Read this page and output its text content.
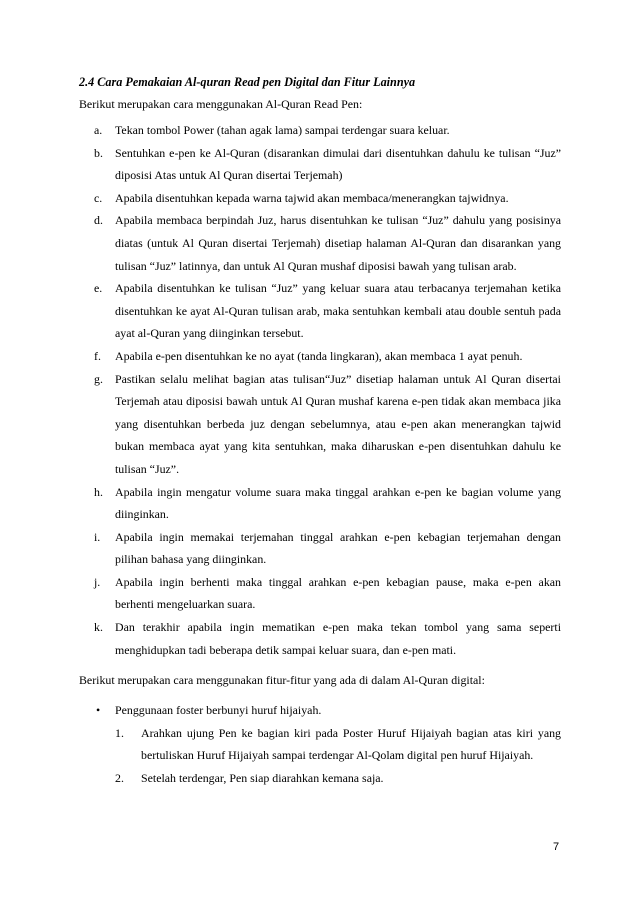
2.4 Cara Pemakaian Al-quran Read pen Digital dan Fitur Lainnya

Berikut merupakan cara menggunakan Al-Quran Read Pen:

a. Tekan tombol Power (tahan agak lama) sampai terdengar suara keluar.
b. Sentuhkan e-pen ke Al-Quran (disarankan dimulai dari disentuhkan dahulu ke tulisan “Juz” diposisi Atas untuk Al Quran disertai Terjemah)
c. Apabila disentuhkan kepada warna tajwid akan membaca/menerangkan tajwidnya.
d. Apabila membaca berpindah Juz, harus disentuhkan ke tulisan “Juz” dahulu yang posisinya diatas (untuk Al Quran disertai Terjemah) disetiap halaman Al-Quran dan disarankan yang tulisan “Juz” latinnya, dan untuk Al Quran mushaf diposisi bawah yang tulisan arab.
e. Apabila disentuhkan ke tulisan “Juz” yang keluar suara atau terbacanya terjemahan ketika disentuhkan ke ayat Al-Quran tulisan arab, maka sentuhkan kembali atau double sentuh pada ayat al-Quran yang diinginkan tersebut.
f. Apabila e-pen disentuhkan ke no ayat (tanda lingkaran), akan membaca 1 ayat penuh.
g. Pastikan selalu melihat bagian atas tulisan“Juz” disetiap halaman untuk Al Quran disertai Terjemah atau diposisi bawah untuk Al Quran mushaf karena e-pen tidak akan membaca jika yang disentuhkan berbeda juz dengan sebelumnya, atau e-pen akan menerangkan tajwid bukan membaca ayat yang kita sentuhkan, maka diharuskan e-pen disentuhkan dahulu ke tulisan “Juz”.
h. Apabila ingin mengatur volume suara maka tinggal arahkan e-pen ke bagian volume yang diinginkan.
i. Apabila ingin memakai terjemahan tinggal arahkan e-pen kebagian terjemahan dengan pilihan bahasa yang diinginkan.
j. Apabila ingin berhenti maka tinggal arahkan e-pen kebagian pause, maka e-pen akan berhenti mengeluarkan suara.
k. Dan terakhir apabila ingin mematikan e-pen maka tekan tombol yang sama seperti menghidupkan tadi beberapa detik sampai keluar suara, dan e-pen mati.

Berikut merupakan cara menggunakan fitur-fitur yang ada di dalam Al-Quran digital:

• Penggunaan foster berbunyi huruf hijaiyah.
1. Arahkan ujung Pen ke bagian kiri pada Poster Huruf Hijaiyah bagian atas kiri yang bertuliskan Huruf Hijaiyah sampai terdengar Al-Qolam digital pen huruf Hijaiyah.
2. Setelah terdengar, Pen siap diarahkan kemana saja.
7
